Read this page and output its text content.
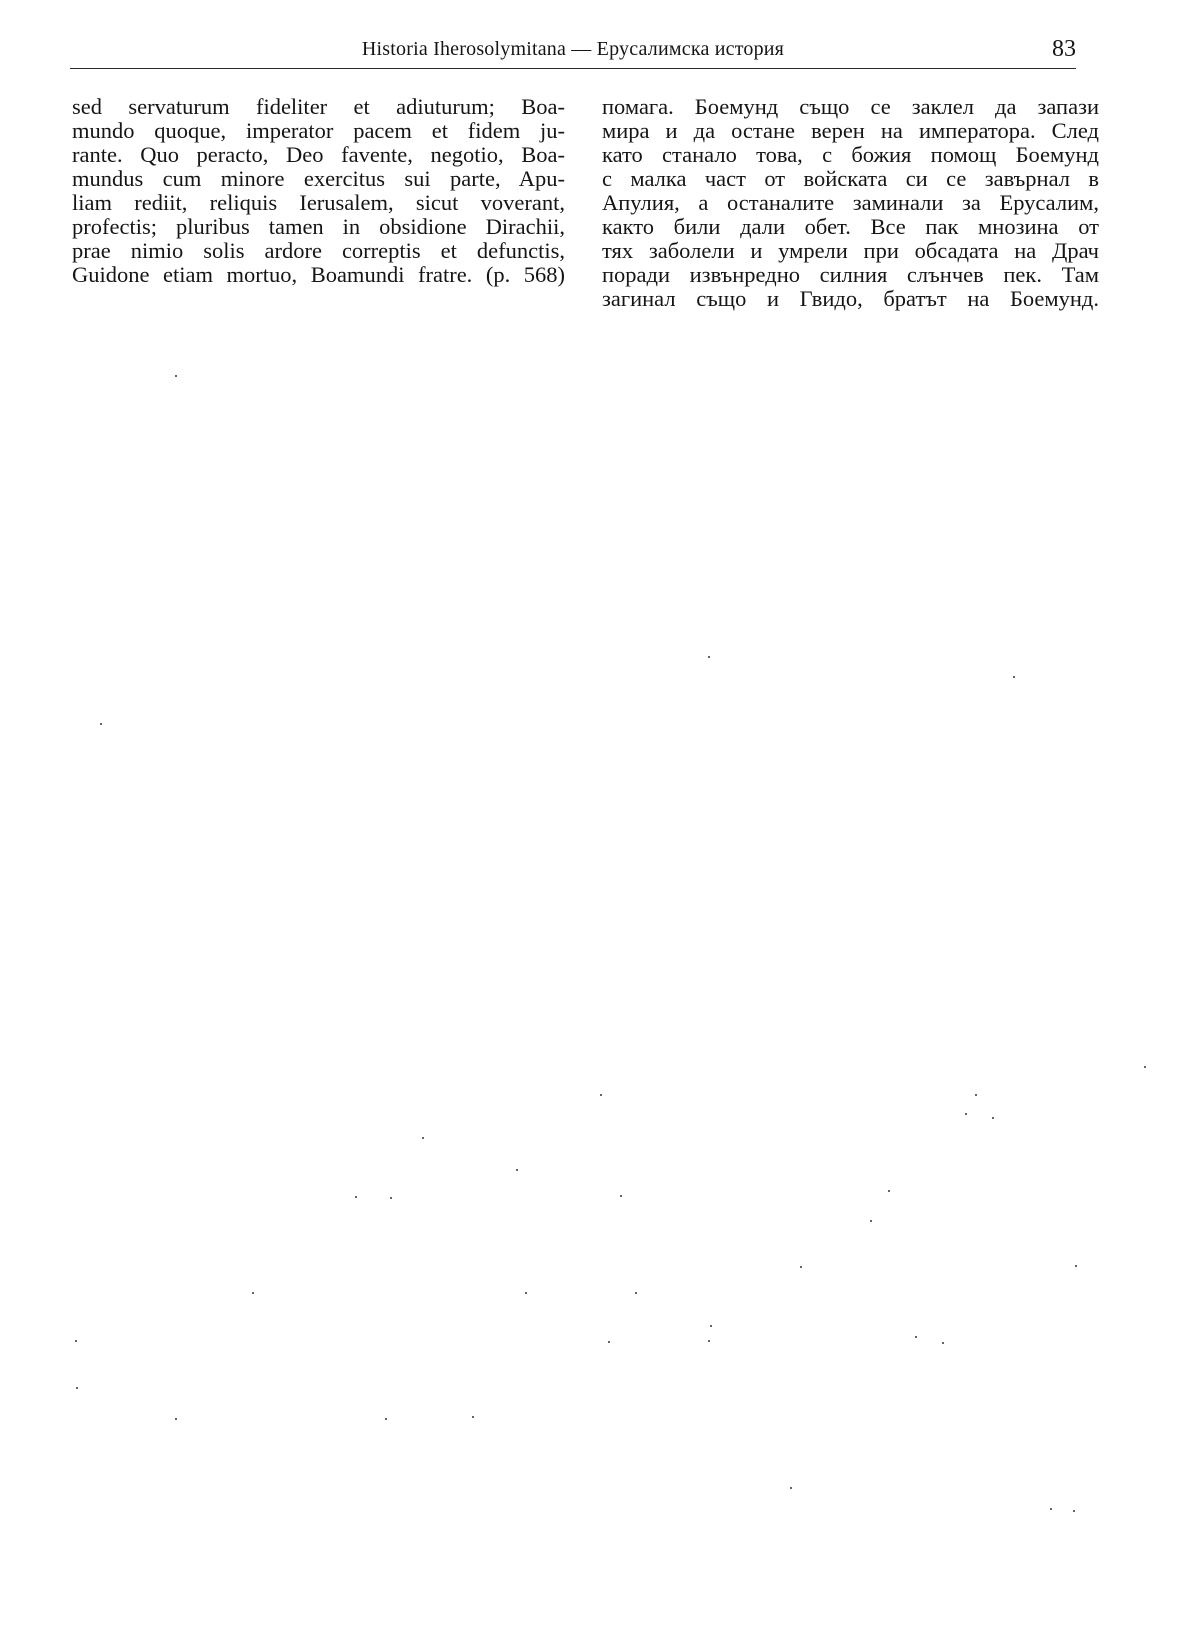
Historia Iherosolymitana — Ерусалимска история	83
sed servaturum fideliter et adiuturum; Boa-
mundo quoque, imperator pacem et fidem ju-
rante. Quo peracto, Deo favente, negotio, Boa-
mundus cum minore exercitus sui parte, Apu-
liam rediit, reliquis Ierusalem, sicut voverant,
profectis; pluribus tamen in obsidione Dirachii,
prae nimio solis ardore correptis et defunctis,
Guidone etiam mortuo, Boamundi fratre. (p. 568)
помага. Боемунд също се заклел да запази
мира и да остане верен на императора. След
като станало това, с божия помощ Боемунд
с малка част от войската си се завърнал в
Апулия, а останалите заминали за Ерусалим,
както били дали обет. Все пак мнозина от
тях заболели и умрели при обсадата на Драч
поради извънредно силния слънчев пек. Там
загинал също и Гвидо, братът на Боемунд.
